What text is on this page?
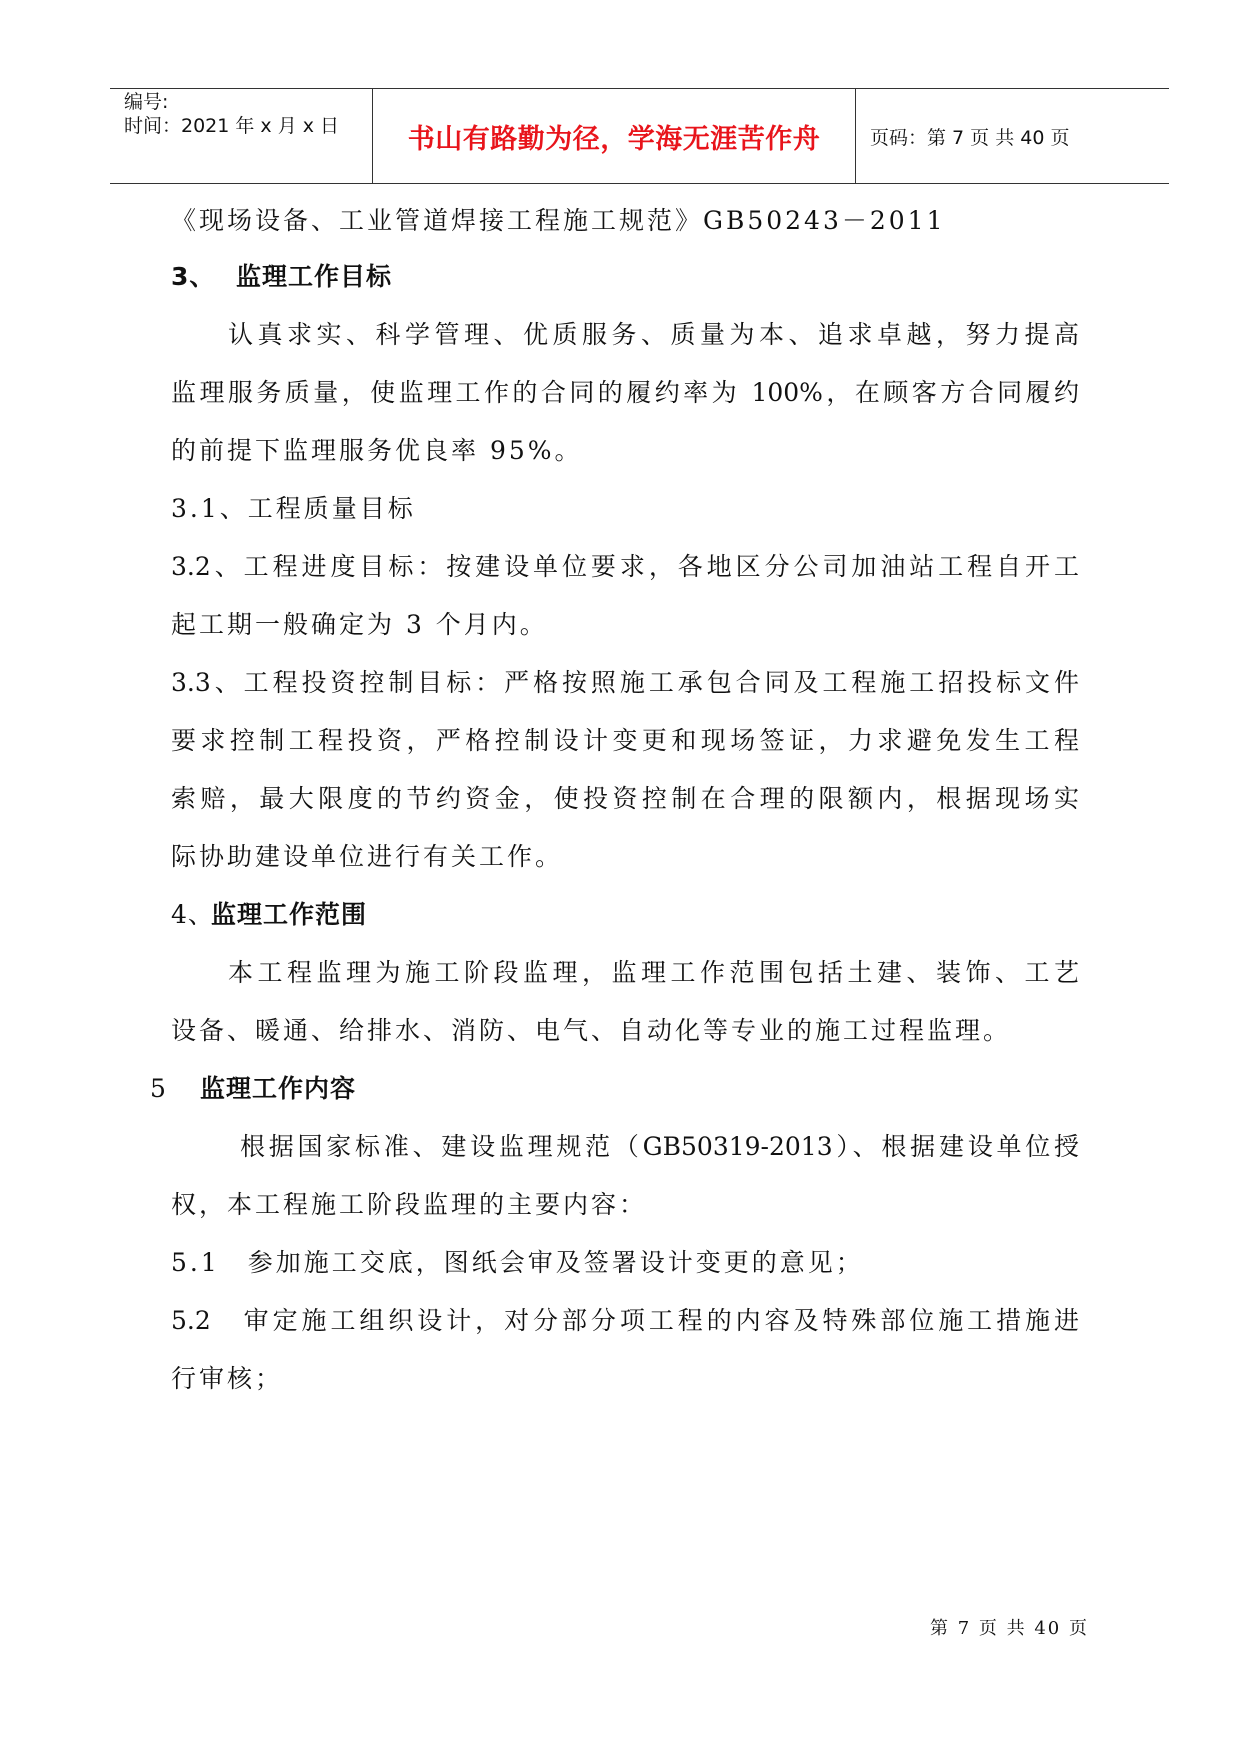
编号:
时间：2021 年 x 月 x 日	书山有路勤为径，学海无涯苦作舟	页码：第 7 页 共 40 页
《现场设备、工业管道焊接工程施工规范》GB50243－2011
3、 监理工作目标
认真求实、科学管理、优质服务、质量为本、追求卓越，努力提高
监理服务质量，使监理工作的合同的履约率为 100%，在顾客方合同履约
的前提下监理服务优良率 95%。
3.1、工程质量目标
3.2、工程进度目标：按建设单位要求，各地区分公司加油站工程自开工
起工期一般确定为 3 个月内。
3.3、工程投资控制目标：严格按照施工承包合同及工程施工招投标文件
要求控制工程投资，严格控制设计变更和现场签证，力求避免发生工程
索赔，最大限度的节约资金，使投资控制在合理的限额内，根据现场实
际协助建设单位进行有关工作。
4、监理工作范围
本工程监理为施工阶段监理，监理工作范围包括土建、装饰、工艺
设备、暖通、给排水、消防、电气、自动化等专业的施工过程监理。
5 监理工作内容
根据国家标准、建设监理规范（GB50319-2013）、根据建设单位授
权，本工程施工阶段监理的主要内容：
5.1　参加施工交底，图纸会审及签署设计变更的意见；
5.2　审定施工组织设计，对分部分项工程的内容及特殊部位施工措施进
行审核；
第 7 页 共 40 页
